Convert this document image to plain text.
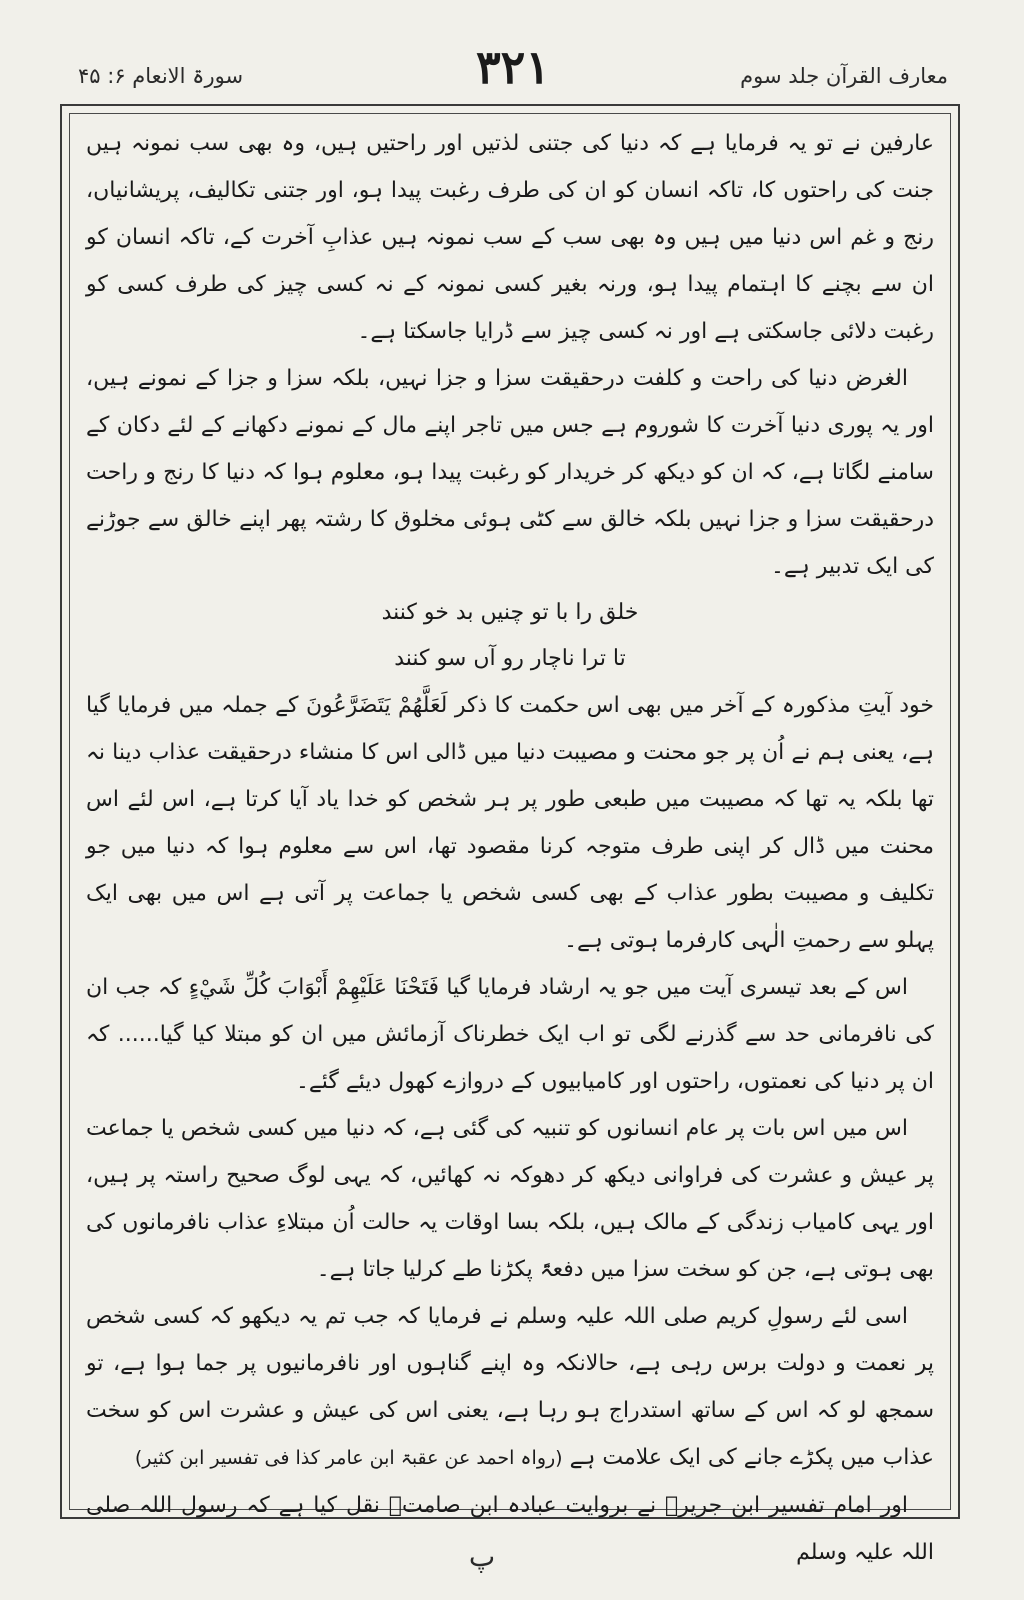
سورۃ الانعام ۶: ۴۵	۳۲۱	معارف القرآن جلد سوم

عارفین نے تو یہ فرمایا ہے کہ دنیا کی جتنی لذتیں اور راحتیں ہیں، وہ بھی سب نمونہ ہیں جنت کی راحتوں کا، تاکہ انسان کو ان کی طرف رغبت پیدا ہو، اور جتنی تکالیف، پریشانیاں، رنج و غم اس دنیا میں ہیں وہ بھی سب کے سب نمونہ ہیں عذابِ آخرت کے، تاکہ انسان کو ان سے بچنے کا اہتمام پیدا ہو، ورنہ بغیر کسی نمونہ کے نہ کسی چیز کی طرف کسی کو رغبت دلائی جاسکتی ہے اور نہ کسی چیز سے ڈرایا جاسکتا ہے۔

الغرض دنیا کی راحت و کلفت درحقیقت سزا و جزا نہیں، بلکہ سزا و جزا کے نمونے ہیں، اور یہ پوری دنیا آخرت کا شوروم ہے جس میں تاجر اپنے مال کے نمونے دکھانے کے لئے دکان کے سامنے لگاتا ہے، کہ ان کو دیکھ کر خریدار کو رغبت پیدا ہو، معلوم ہوا کہ دنیا کا رنج و راحت درحقیقت سزا و جزا نہیں بلکہ خالق سے کٹی ہوئی مخلوق کا رشتہ پھر اپنے خالق سے جوڑنے کی ایک تدبیر ہے۔

خلق را با تو چنیں بد خو کنند

تا ترا ناچار رو آں سو کنند

خود آیتِ مذکورہ کے آخر میں بھی اس حکمت کا ذکر لَعَلَّهُمْ يَتَضَرَّعُونَ کے جملہ میں فرمایا گیا ہے، یعنی ہم نے اُن پر جو محنت و مصیبت دنیا میں ڈالی اس کا منشاء درحقیقت عذاب دینا نہ تھا بلکہ یہ تھا کہ مصیبت میں طبعی طور پر ہر شخص کو خدا یاد آیا کرتا ہے، اس لئے اس محنت میں ڈال کر اپنی طرف متوجہ کرنا مقصود تھا، اس سے معلوم ہوا کہ دنیا میں جو تکلیف و مصیبت بطور عذاب کے بھی کسی شخص یا جماعت پر آتی ہے اس میں بھی ایک پہلو سے رحمتِ الٰہی کارفرما ہوتی ہے۔

اس کے بعد تیسری آیت میں جو یہ ارشاد فرمایا گیا فَتَحْنَا عَلَيْهِمْ أَبْوَابَ كُلِّ شَيْءٍ کہ جب ان کی نافرمانی حد سے گذرنے لگی تو اب ایک خطرناک آزمائش میں ان کو مبتلا کیا گیا...... کہ ان پر دنیا کی نعمتوں، راحتوں اور کامیابیوں کے دروازے کھول دیئے گئے۔

اس میں اس بات پر عام انسانوں کو تنبیہ کی گئی ہے، کہ دنیا میں کسی شخص یا جماعت پر عیش و عشرت کی فراوانی دیکھ کر دھوکہ نہ کھائیں، کہ یہی لوگ صحیح راستہ پر ہیں، اور یہی کامیاب زندگی کے مالک ہیں، بلکہ بسا اوقات یہ حالت اُن مبتلاءِ عذاب نافرمانوں کی بھی ہوتی ہے، جن کو سخت سزا میں دفعۃً پکڑنا طے کرلیا جاتا ہے۔

اسی لئے رسولِ کریم صلی اللہ علیہ وسلم نے فرمایا کہ جب تم یہ دیکھو کہ کسی شخص پر نعمت و دولت برس رہی ہے، حالانکہ وہ اپنے گناہوں اور نافرمانیوں پر جما ہوا ہے، تو سمجھ لو کہ اس کے ساتھ استدراج ہو رہا ہے، یعنی اس کی عیش و عشرت اس کو سخت عذاب میں پکڑے جانے کی ایک علامت ہے (رواہ احمد عن عقبۃ ابن عامر کذا فی تفسیر ابن کثیر)

اور امام تفسیر ابن جریرؒ نے بروایت عبادہ ابن صامتؓ نقل کیا ہے کہ رسول اللہ صلی اللہ علیہ وسلم

پ
